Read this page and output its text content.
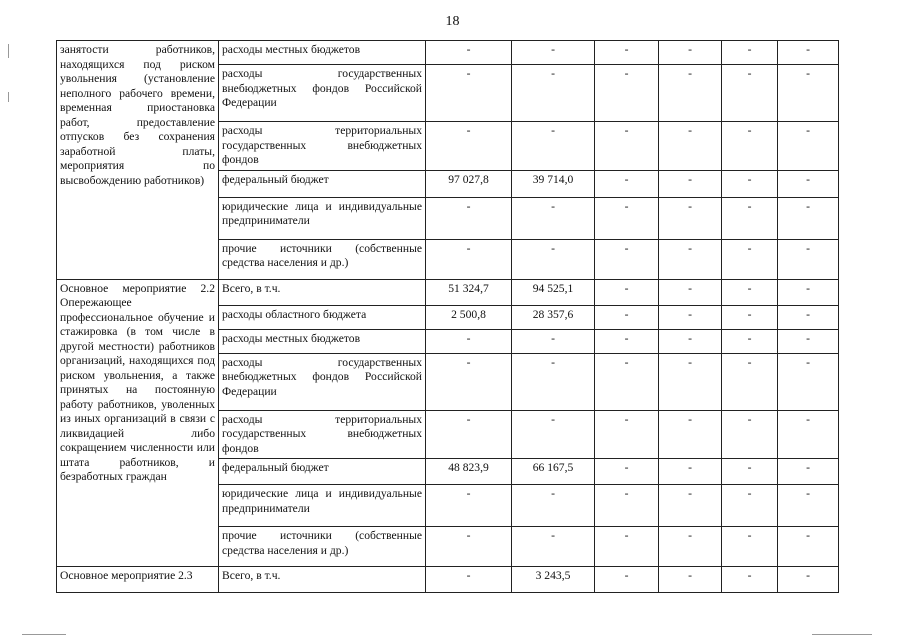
18
занятости работников, находящихся под риском увольнения (установление неполного рабочего времени, временная приостановка работ, предоставление отпусков без сохранения заработной платы, мероприятия по высвобождению работников)	расходы местных бюджетов	-	-	-	-	-	-
	расходы государственных внебюджетных фондов Российской Федерации	-	-	-	-	-	-
	расходы территориальных государственных внебюджетных фондов	-	-	-	-	-	-
	федеральный бюджет	97 027,8	39 714,0	-	-	-	-
	юридические лица и индивидуальные предприниматели	-	-	-	-	-	-
	прочие источники (собственные средства населения и др.)	-	-	-	-	-	-
Основное мероприятие 2.2 Опережающее профессиональное обучение и стажировка (в том числе в другой местности) работников организаций, находящихся под риском увольнения, а также принятых на постоянную работу работников, уволенных из иных организаций в связи с ликвидацией либо сокращением численности или штата работников, и безработных граждан	Всего, в т.ч.	51 324,7	94 525,1	-	-	-	-
	расходы областного бюджета	2 500,8	28 357,6	-	-	-	-
	расходы местных бюджетов	-	-	-	-	-	-
	расходы государственных внебюджетных фондов Российской Федерации	-	-	-	-	-	-
	расходы территориальных государственных внебюджетных фондов	-	-	-	-	-	-
	федеральный бюджет	48 823,9	66 167,5	-	-	-	-
	юридические лица и индивидуальные предприниматели	-	-	-	-	-	-
	прочие источники (собственные средства населения и др.)	-	-	-	-	-	-
Основное мероприятие 2.3	Всего, в т.ч.	-	3 243,5	-	-	-	-
